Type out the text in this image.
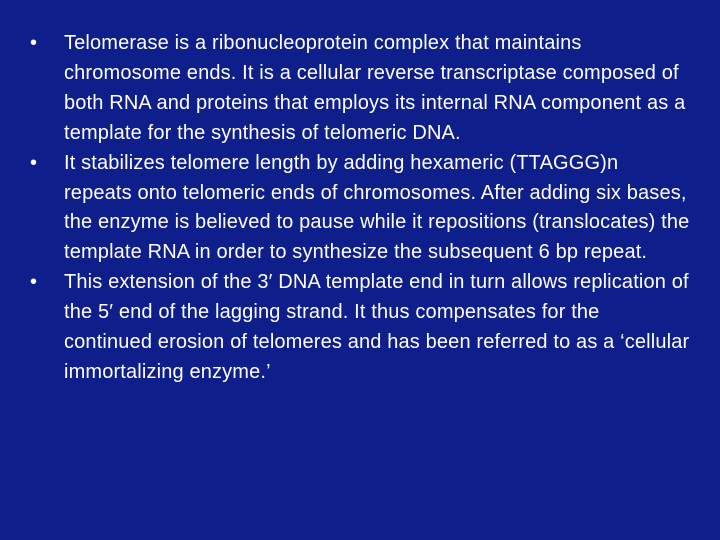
•	Telomerase is a ribonucleoprotein complex that maintains chromosome ends. It is a cellular reverse transcriptase composed of both RNA and proteins that employs its internal RNA component as a template for the synthesis of telomeric DNA.
•	It stabilizes telomere length by adding hexameric (TTAGGG)n repeats onto telomeric ends of chromosomes. After adding six bases, the enzyme is believed to pause while it repositions (translocates) the template RNA in order to synthesize the subsequent 6 bp repeat.
•	This extension of the 3′ DNA template end in turn allows replication of the 5′ end of the lagging strand. It thus compensates for the continued erosion of telomeres and has been referred to as a ‘cellular immortalizing enzyme.’
